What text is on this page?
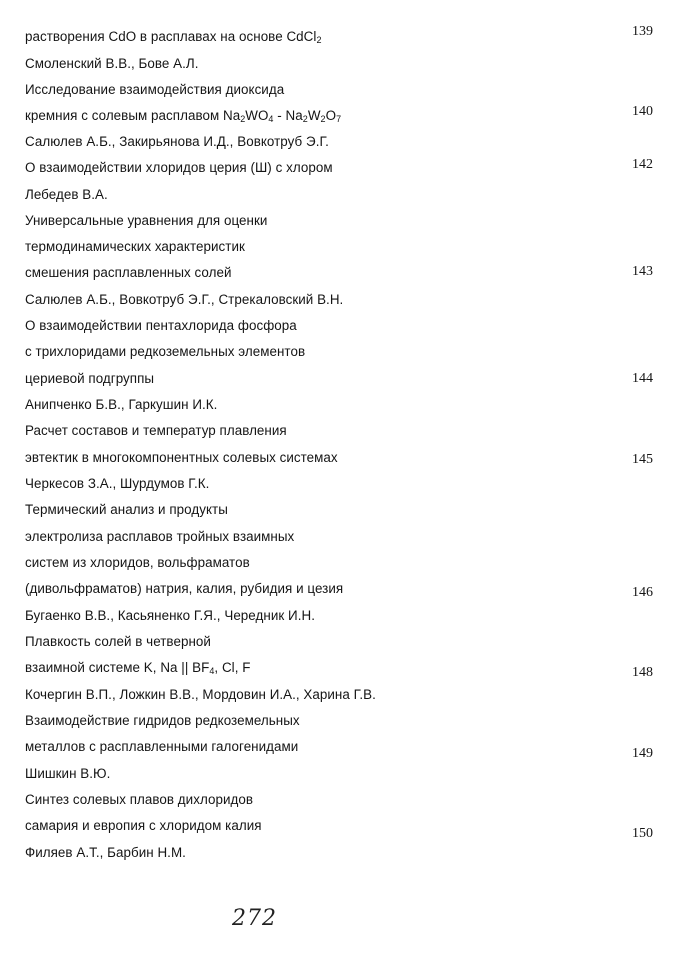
растворения CdO в расплавах на основе CdCl$_2$
Смоленский В.В., Бове А.Л.
Исследование взаимодействия диоксида
кремния с солевым расплавом $Na_2WO_4 - Na_2W_2O_7$
Салюлев А.Б., Закирьянова И.Д., Вовкотруб Э.Г.
О взаимодействии хлоридов церия (Ш) с хлором
Лебедев В.А.
Универсальные уравнения для оценки
термодинамических характеристик
смешения расплавленных солей
Салюлев А.Б., Вовкотруб Э.Г., Стрекаловский В.Н.
О взаимодействии пентахлорида фосфора
с трихлоридами редкоземельных элементов
цериевой подгруппы
Анипченко Б.В., Гаркушин И.К.
Расчет составов и температур плавления
эвтектик в многокомпонентных солевых системах
Черкесов З.А., Шурдумов Г.К.
Термический анализ и продукты
электролиза расплавов тройных взаимных
систем из хлоридов, вольфраматов
(дивольфраматов) натрия, калия, рубидия и цезия
Бугаенко В.В., Касьяненко Г.Я., Чередник И.Н.
Плавкость солей в четверной
взаимной системе K, Na || $BF_4$, Cl, F
Кочергин В.П., Ложкин В.В., Мордовин И.А., Харина Г.В.
Взаимодействие гидридов редкоземельных
металлов с расплавленными галогенидами
Шишкин В.Ю.
Синтез солевых плавов дихлоридов
самария и европия с хлоридом калия
Филяев А.Т., Барбин Н.М.
139
140
142
143
144
145
146
148
149
150
272
